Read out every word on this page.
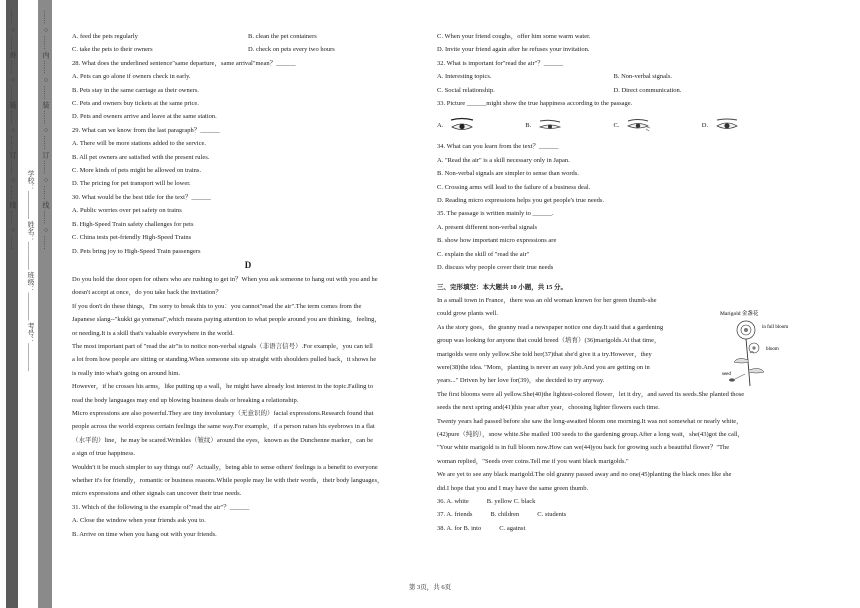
…… ○ …… 外 …… ○ …… 装 …… ○ …… 订 …… ○ …… 线 …… ○ ……
学校：________ 姓名：________ 班级：________ 考号：________
…… ○ …… 内 …… ○ …… 装 …… ○ …… 订 …… ○ …… 线 …… ○ ……	A. feed the pets regularly	B. clean the pet containers
C. take the pets to their owners	D. check on pets every two hours

28. What does the underlined sentence"same departure，same arrival"mean？______

A. Pets can go alone if owners check in early.

B. Pets stay in the same carriage as their owners.

C. Pets and owners buy tickets at the same price.

D. Pets and owners arrive and leave at the same station.

29. What can we know from the last paragraph？______

A. There will be more stations added to the service.

B. All pet owners are satisfied with the present rules.

C. More kinds of pets might be allowed on trains.

D. The pricing for pet transport will be lower.

30. What would be the best title for the text？______

A. Public worries over pet safety on trains

B. High-Speed Train safety challenges for pets

C. China tests pet-friendly High-Speed Trains

D. Pets bring joy to High-Speed Train passengers

D

Do you hold the door open for others who are rushing to get in？When you ask someone to hang out with you and he

doesn't accept at once，do you take back the invitation？

If you don't do these things，I'm sorry to break this to you：you cannot"read the air".The term comes from the

Japanese slang--"kukki ga yomenai",which means paying attention to what people around you are thinking，feeling，

or needing.It is a skill that's valuable everywhere in the world.

The most important part of "read the air"is to notice non-verbal signals（非语言信号）.For example，you can tell

a lot from how people are sitting or standing.When someone sits up straight with shoulders pulled back，it shows he

is really into what's going on around him.

However，if he crosses his arms，like putting up a wall，he might have already lost interest in the topic.Failing to

read the body languages may end up blowing business deals or breaking a relationship.

Micro expressions are also powerful.They are tiny involuntary（无意识的）facial expressions.Research found that

people across the world express certain feelings the same way.For example，if a person raises his eyebrows in a flat

（水平的）line，he may be scared.Wrinkles（皱纹）around the eyes，known as the Dunchenne marker，can be

a sign of true happiness.

Wouldn't it be much simpler to say things out？Actually，being able to sense others' feelings is a benefit to everyone

whether it's for friendly，romantic or business reasons.While people may lie with their words，their body languages，

micro expressions and other signals can uncover their true needs.

31. Which of the following is the example of"read the air"？______

A. Close the window when your friends ask you to.

B. Arrive on time when you hang out with your friends.

C. When your friend coughs，offer him some warm water.

D. Invite your friend again after he refuses your invitation.

32. What is important for"read the air"？______

A. Interesting topics.	B. Non-verbal signals.
C. Social relationship.	D. Direct communication.

33. Picture ______might show the true happiness according to the passage.

A.	B.	C.	D.

34. What can you learn from the text？______

A. "Read the air" is a skill necessary only in Japan.

B. Non-verbal signals are simpler to sense than words.

C. Crossing arms will lead to the failure of a business deal.

D. Reading micro expressions helps you get people's true needs.

35. The passage is written mainly to ______.

A. present different non-verbal signals

B. show how important micro expressions are

C. explain the skill of "read the air"

D. discuss why people cover their true needs

三、完形填空：本大题共 10 小题，共 15 分。

In a small town in France，there was an old woman known for her green thumb-she

could grow plants well.

As the story goes，the granny read a newspaper notice one day.It said that a gardening

group was looking for anyone that could breed（培育）(36)marigolds.At that time，

marigolds were only yellow.She told her(37)that she'd give it a try.However，they

were(38)the idea. "Mom，planting is never an easy job.And you are getting on in

years..." Driven by her love for(39)，she decided to try anyway.

The first blooms were all yellow.She(40)the lightest-colored flower，let it dry，and saved its seeds.She planted those

seeds the next spring and(41)this year after year，choosing lighter flowers each time.

Twenty years had passed before she saw the long-awaited bloom one morning.It was not somewhat or nearly white，

(42)pure（纯的），snow white.She mailed 100 seeds to the gardening group.After a long wait，she(43)got the call，

"Your white marigold is in full bloom now.How can we(44)you back for growing such a beautiful flower？"The

woman replied，"Seeds over coins.Tell me if you want black marigolds."

We are yet to see any black marigold.The old granny passed away and no one(45)planting the black ones like she

did.I hope that you and I may have the same green thumb.

36. A. white	B. yellow C. black
37. A. friends	B. children	C. students
38. A. for B. into	C. against
Marigold 金盏花
in full bloom
bloom
seed
第 3页，共 6页
